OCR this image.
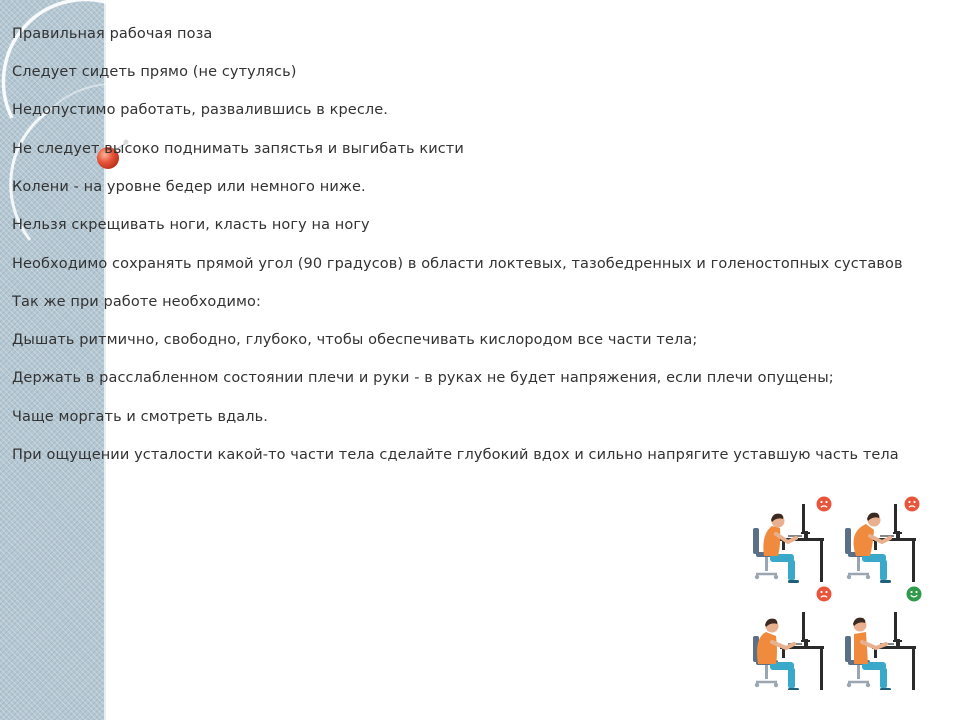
Правильная рабочая поза
Следует сидеть прямо (не сутулясь)
Недопустимо работать, развалившись в кресле.
Не следует высоко поднимать запястья и выгибать кисти
Колени - на уровне бедер или немного ниже.
Нельзя скрещивать ноги, класть ногу на ногу
Необходимо сохранять прямой угол (90 градусов) в области локтевых, тазобедренных и голеностопных суставов
Так же при работе необходимо:
Дышать ритмично, свободно, глубоко, чтобы обеспечивать кислородом все части тела;
Держать в расслабленном состоянии плечи и руки - в руках не будет напряжения, если плечи опущены;
Чаще моргать и смотреть вдаль.
При ощущении усталости какой-то части тела сделайте глубокий вдох и сильно напрягите уставшую часть тела
